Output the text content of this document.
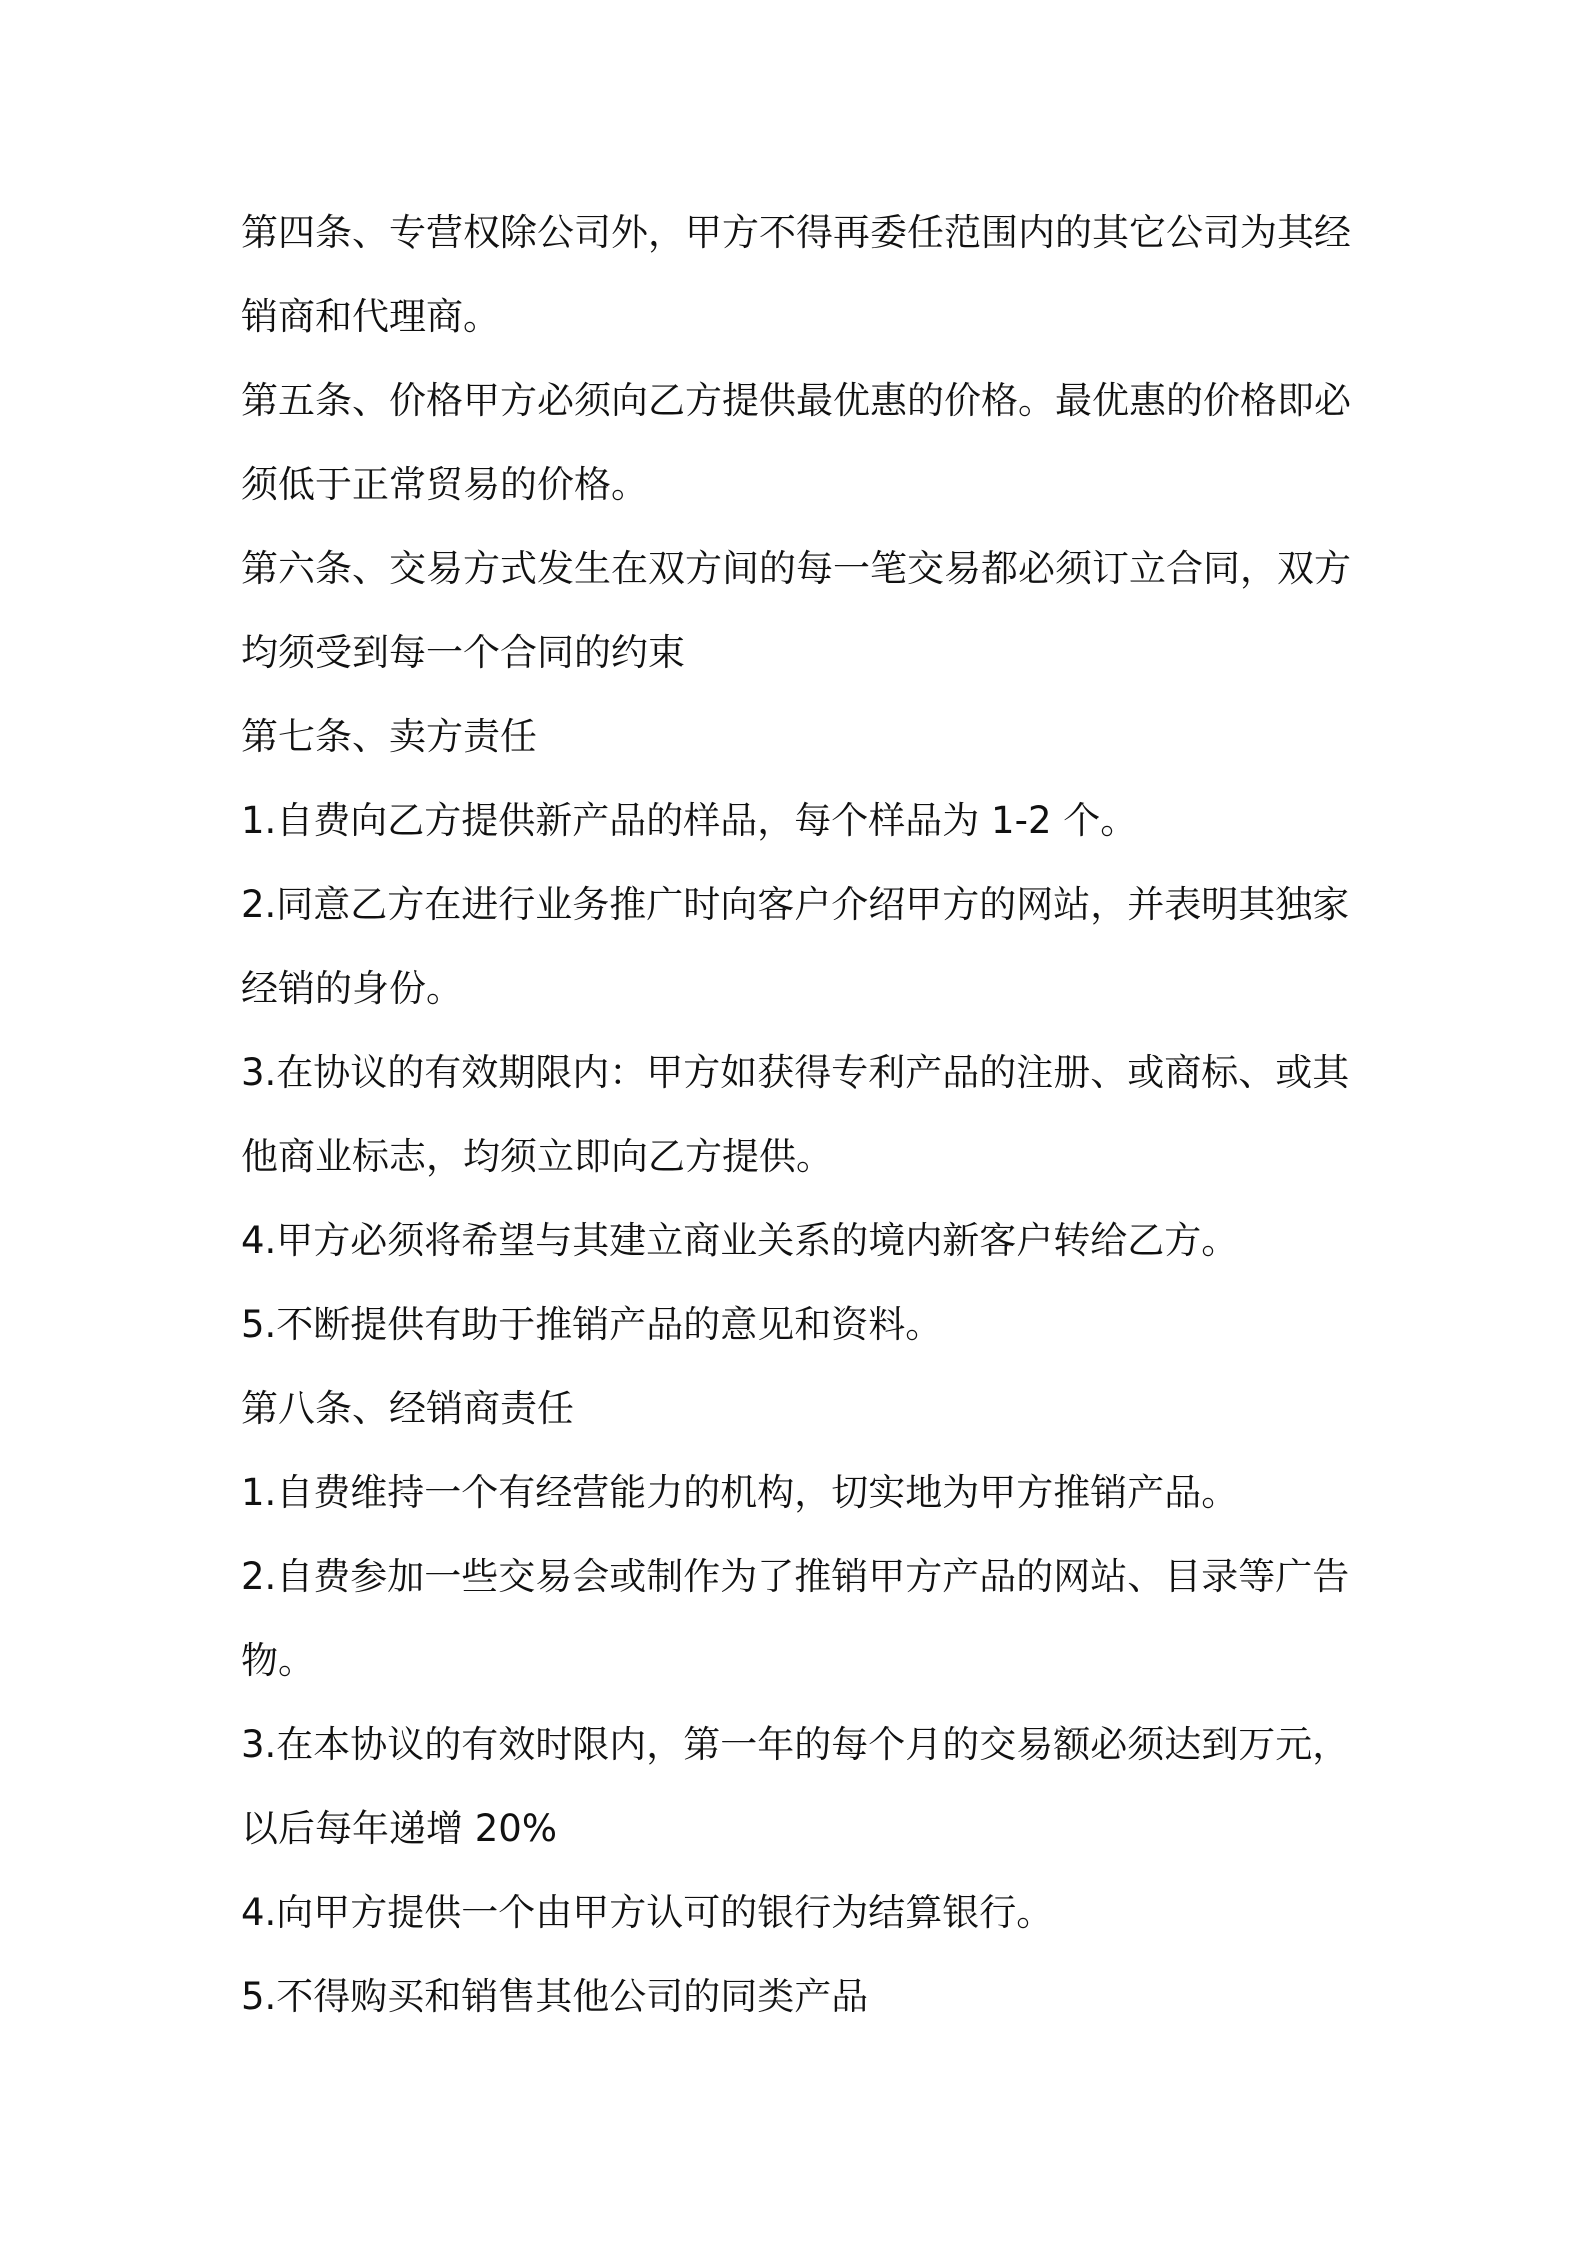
第四条、专营权除公司外，甲方不得再委任范围内的其它公司为其经
销商和代理商。
第五条、价格甲方必须向乙方提供最优惠的价格。最优惠的价格即必
须低于正常贸易的价格。
第六条、交易方式发生在双方间的每一笔交易都必须订立合同，双方
均须受到每一个合同的约束
第七条、卖方责任
1.自费向乙方提供新产品的样品，每个样品为 1-2 个。
2.同意乙方在进行业务推广时向客户介绍甲方的网站，并表明其独家
经销的身份。
3.在协议的有效期限内：甲方如获得专利产品的注册、或商标、或其
他商业标志，均须立即向乙方提供。
4.甲方必须将希望与其建立商业关系的境内新客户转给乙方。
5.不断提供有助于推销产品的意见和资料。
第八条、经销商责任
1.自费维持一个有经营能力的机构，切实地为甲方推销产品。
2.自费参加一些交易会或制作为了推销甲方产品的网站、目录等广告
物。
3.在本协议的有效时限内，第一年的每个月的交易额必须达到万元，
以后每年递增 20%
4.向甲方提供一个由甲方认可的银行为结算银行。
5.不得购买和销售其他公司的同类产品
